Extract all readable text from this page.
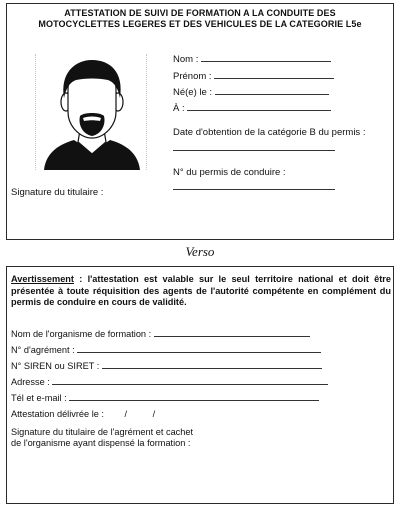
ATTESTATION DE SUIVI DE FORMATION A LA CONDUITE DES
MOTOCYCLETTES LEGERES ET DES VEHICULES DE LA CATEGORIE L5e
Nom :
Prénom :
Né(e) le :
À :
Date d'obtention de la catégorie B du permis :
N° du permis de conduire :
Signature du titulaire :
Verso
Avertissement : l'attestation est valable sur le seul territoire national et doit être présentée à toute réquisition des agents de l'autorité compétente en complément du permis de conduire en cours de validité.
Nom de l'organisme de formation :
N° d'agrément :
N° SIREN ou SIRET :
Adresse :
Tél et e-mail :
Attestation délivrée le : /          /
Signature du titulaire de l'agrément et cachet
de l'organisme ayant dispensé la formation :
